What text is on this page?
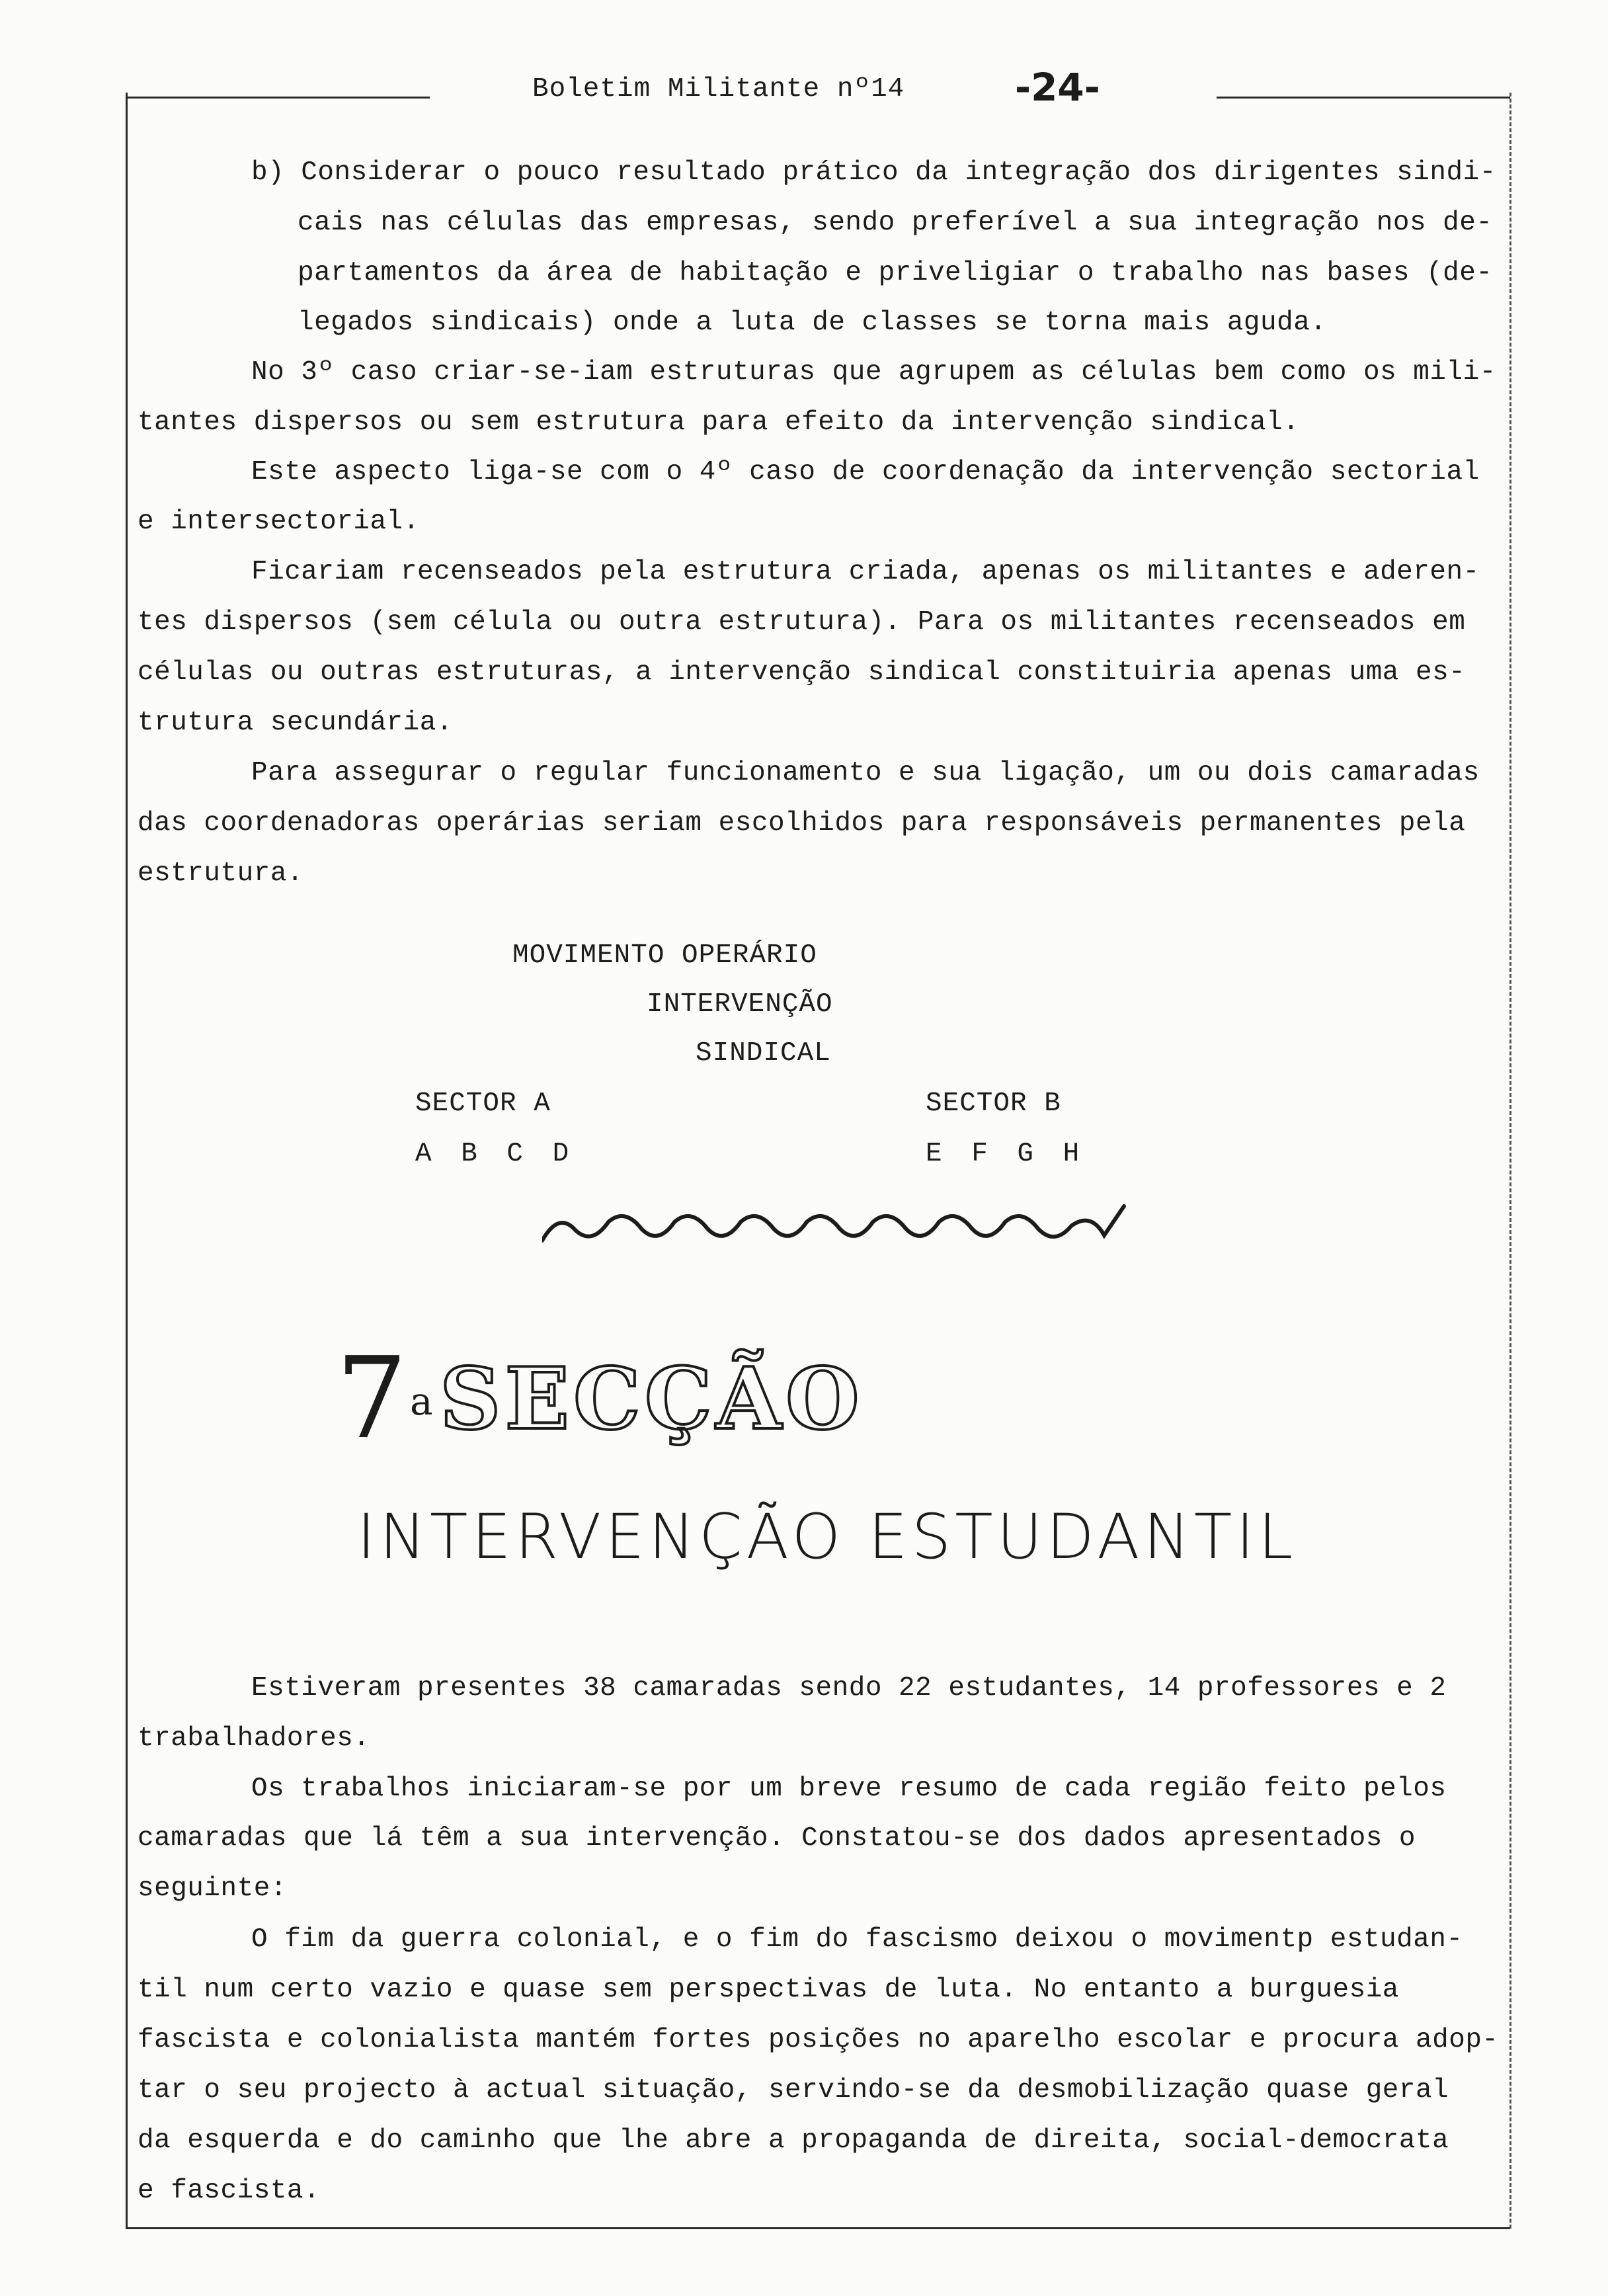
Boletim Militante nº14	-24-
b) Considerar o pouco resultado prático da integração dos dirigentes sindi-
cais nas células das empresas, sendo preferível a sua integração nos de-
partamentos da área de habitação e priveligiar o trabalho nas bases (de-
legados sindicais) onde a luta de classes se torna mais aguda.
No 3º caso criar-se-iam estruturas que agrupem as células bem como os mili-
tantes dispersos ou sem estrutura para efeito da intervenção sindical.
Este aspecto liga-se com o 4º caso de coordenação da intervenção sectorial
e intersectorial.
Ficariam recenseados pela estrutura criada, apenas os militantes e aderen-
tes dispersos (sem célula ou outra estrutura). Para os militantes recenseados em
células ou outras estruturas, a intervenção sindical constituiria apenas uma es-
trutura secundária.
Para assegurar o regular funcionamento e sua ligação, um ou dois camaradas
das coordenadoras operárias seriam escolhidos para responsáveis permanentes pela
estrutura.
MOVIMENTO OPERÁRIO
INTERVENÇÃO
SINDICAL
SECTOR A
A B C D
SECTOR B
E F G H
7 a SECÇÃO
INTERVENÇÃO ESTUDANTIL
Estiveram presentes 38 camaradas sendo 22 estudantes, 14 professores e 2
trabalhadores.
Os trabalhos iniciaram-se por um breve resumo de cada região feito pelos
camaradas que lá têm a sua intervenção. Constatou-se dos dados apresentados o
seguinte:
O fim da guerra colonial, e o fim do fascismo deixou o movimentp estudan-
til num certo vazio e quase sem perspectivas de luta. No entanto a burguesia
fascista e colonialista mantém fortes posições no aparelho escolar e procura adop-
tar o seu projecto à actual situação, servindo-se da desmobilização quase geral
da esquerda e do caminho que lhe abre a propaganda de direita, social-democrata
e fascista.
